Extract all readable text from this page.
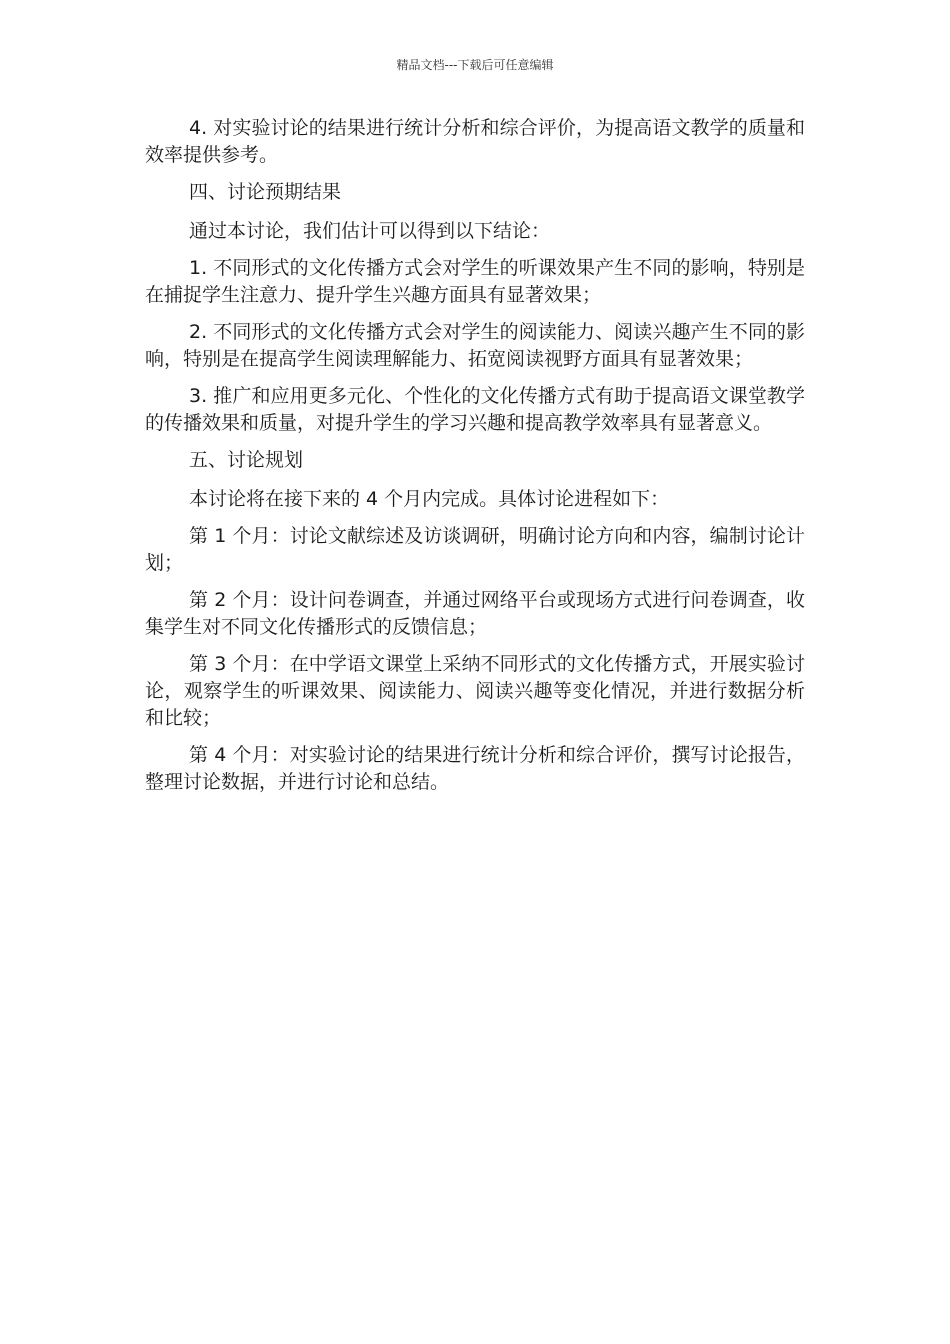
精品文档---下载后可任意编辑

4. 对实验讨论的结果进行统计分析和综合评价，为提高语文教学的质量和效率提供参考。

四、讨论预期结果

通过本讨论，我们估计可以得到以下结论：

1. 不同形式的文化传播方式会对学生的听课效果产生不同的影响，特别是在捕捉学生注意力、提升学生兴趣方面具有显著效果；

2. 不同形式的文化传播方式会对学生的阅读能力、阅读兴趣产生不同的影响，特别是在提高学生阅读理解能力、拓宽阅读视野方面具有显著效果；

3. 推广和应用更多元化、个性化的文化传播方式有助于提高语文课堂教学的传播效果和质量，对提升学生的学习兴趣和提高教学效率具有显著意义。

五、讨论规划

本讨论将在接下来的 4 个月内完成。具体讨论进程如下：

第 1 个月：讨论文献综述及访谈调研，明确讨论方向和内容，编制讨论计划；

第 2 个月：设计问卷调查，并通过网络平台或现场方式进行问卷调查，收集学生对不同文化传播形式的反馈信息；

第 3 个月：在中学语文课堂上采纳不同形式的文化传播方式，开展实验讨论，观察学生的听课效果、阅读能力、阅读兴趣等变化情况，并进行数据分析和比较；

第 4 个月：对实验讨论的结果进行统计分析和综合评价，撰写讨论报告，整理讨论数据，并进行讨论和总结。
